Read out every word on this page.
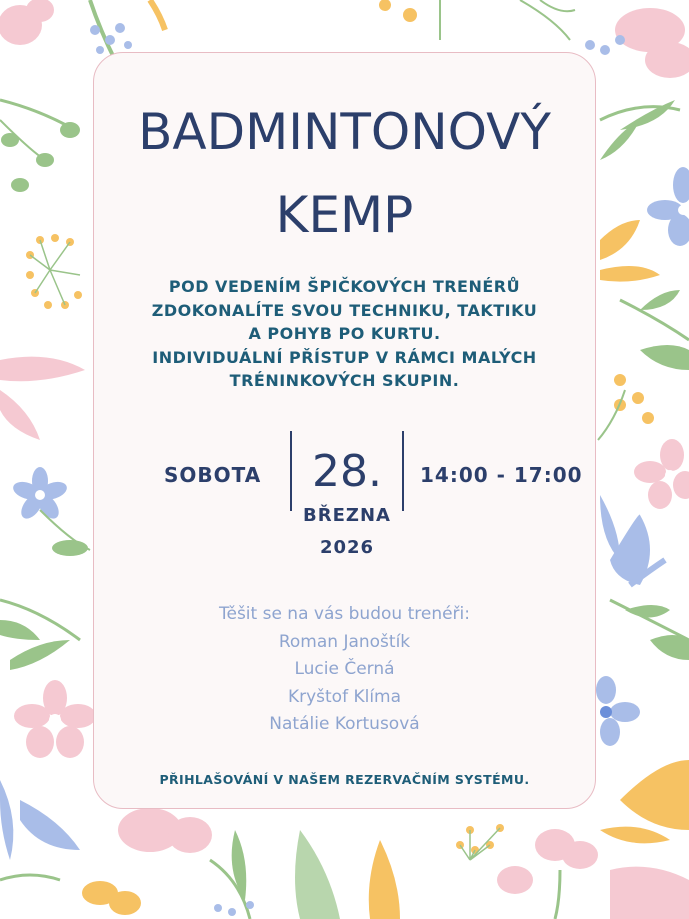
BADMINTONOVÝ
KEMP
POD VEDENÍM ŠPIČKOVÝCH TRENÉRŮ
ZDOKONALÍTE SVOU TECHNIKU, TAKTIKU
A POHYB PO KURTU.
INDIVIDUÁLNÍ PŘÍSTUP V RÁMCI MALÝCH
TRÉNINKOVÝCH SKUPIN.
SOBOTA	28.
BŘEZNA
2026
14:00 - 17:00
Těšit se na vás budou trenéři:
Roman Janoštík
Lucie Černá
Kryštof Klíma
Natálie Kortusová
PŘIHLAŠOVÁNÍ V NAŠEM REZERVAČNÍM SYSTÉMU.
